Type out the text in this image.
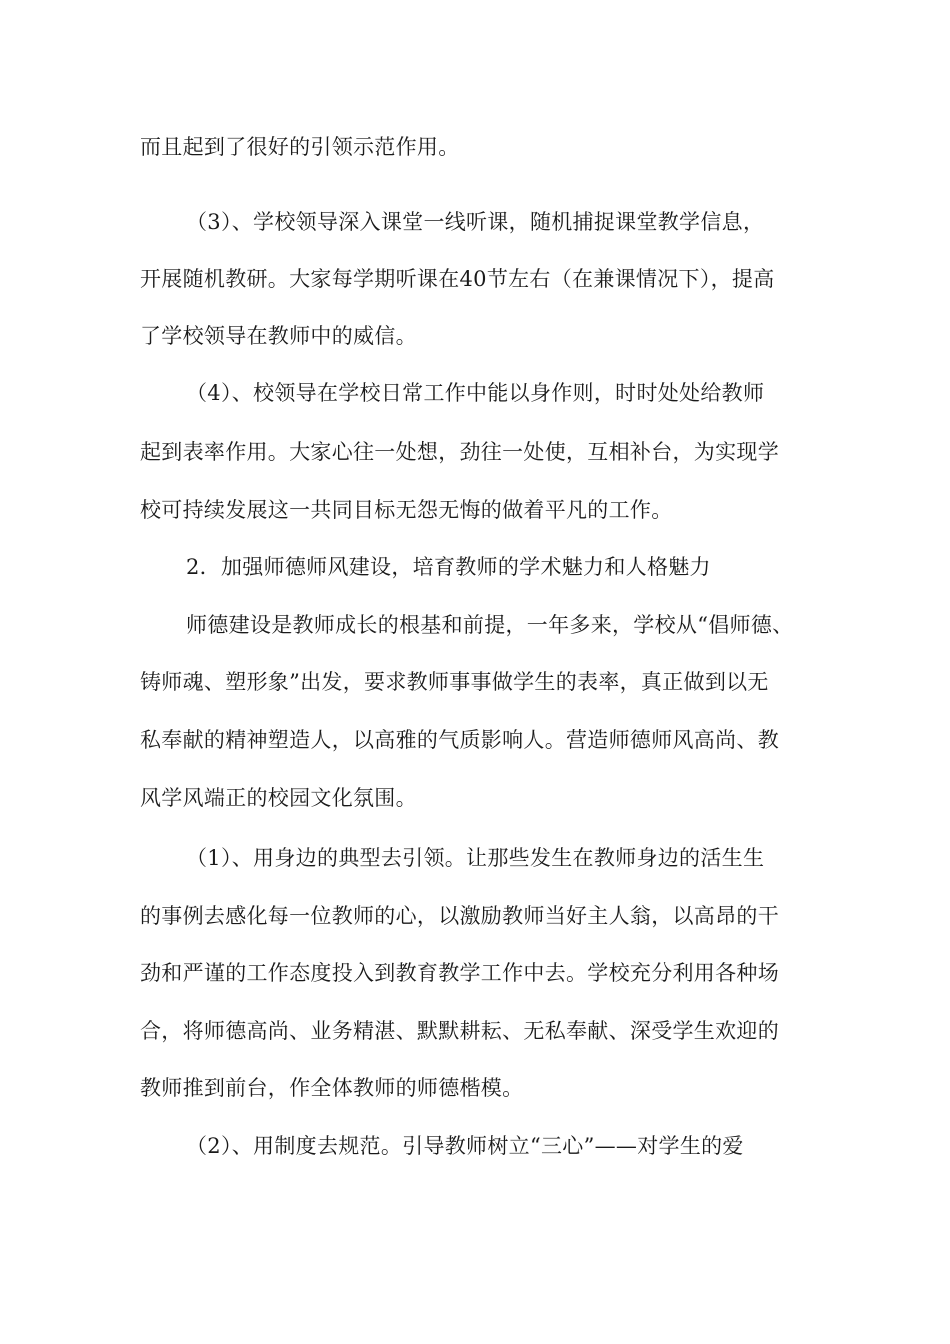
而且起到了很好的引领示范作用。
（3）、学校领导深入课堂一线听课，随机捕捉课堂教学信息，
开展随机教研。大家每学期听课在40节左右（在兼课情况下），提高
了学校领导在教师中的威信。
（4）、校领导在学校日常工作中能以身作则，时时处处给教师
起到表率作用。大家心往一处想，劲往一处使，互相补台，为实现学
校可持续发展这一共同目标无怨无悔的做着平凡的工作。
2．加强师德师风建设，培育教师的学术魅力和人格魅力
师德建设是教师成长的根基和前提，一年多来，学校从“倡师德、
铸师魂、塑形象”出发，要求教师事事做学生的表率，真正做到以无
私奉献的精神塑造人，以高雅的气质影响人。营造师德师风高尚、教
风学风端正的校园文化氛围。
（1）、用身边的典型去引领。让那些发生在教师身边的活生生
的事例去感化每一位教师的心，以激励教师当好主人翁，以高昂的干
劲和严谨的工作态度投入到教育教学工作中去。学校充分利用各种场
合，将师德高尚、业务精湛、默默耕耘、无私奉献、深受学生欢迎的
教师推到前台，作全体教师的师德楷模。
（2）、用制度去规范。引导教师树立“三心”——对学生的爱
